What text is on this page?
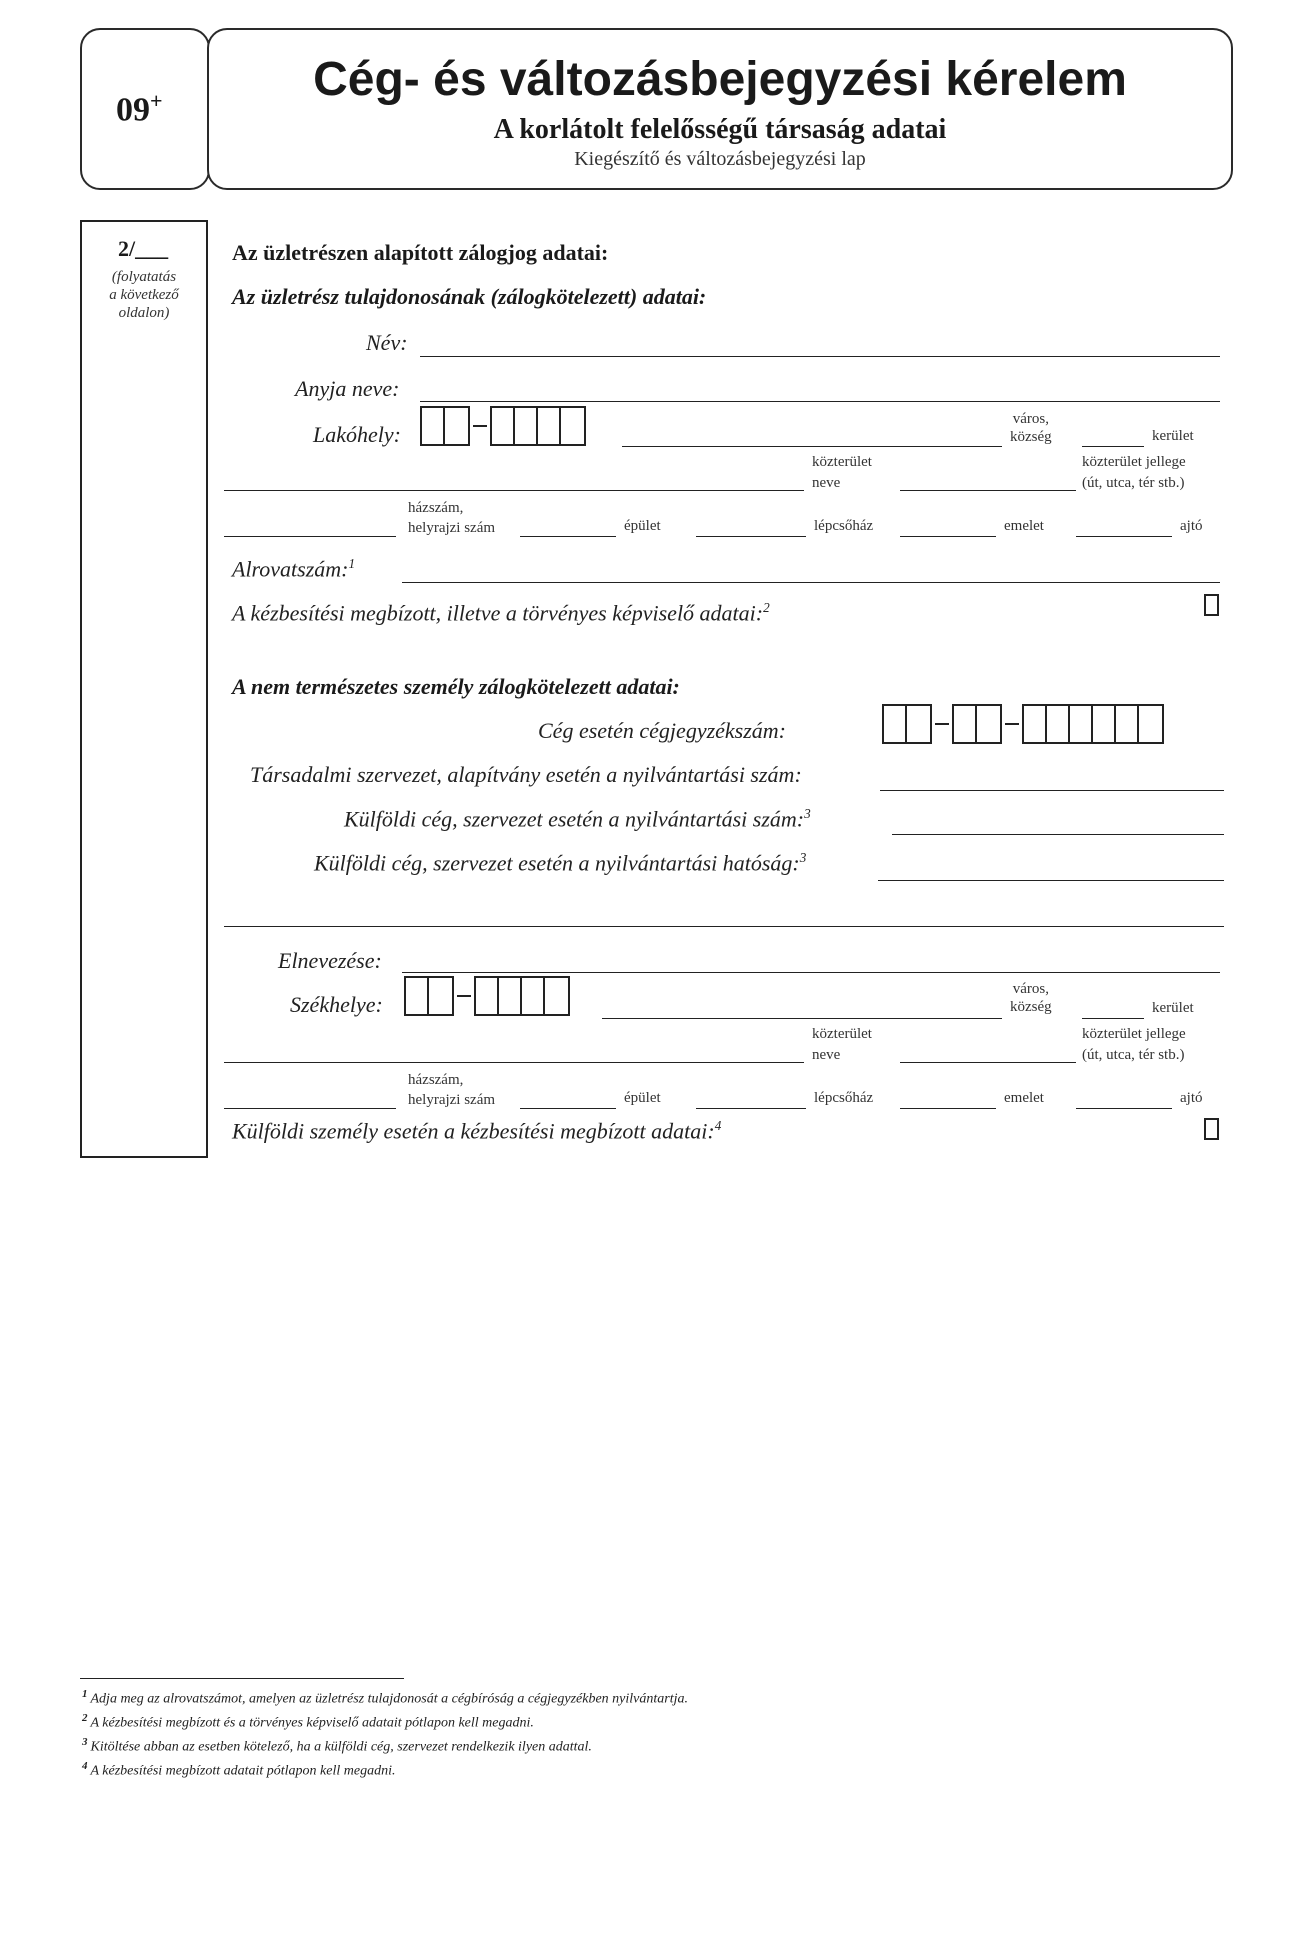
09+	Cég- és változásbejegyzési kérelem
A korlátolt felelősségű társaság adatai
Kiegészítő és változásbejegyzési lap
2/___
(folyatatás
a következő
oldalon)
Az üzletrészen alapított zálogjog adatai:
Az üzletrész tulajdonosának (zálogkötelezett) adatai:
Név:
Anyja neve:
Lakóhely:
város,
község	kerület
közterület
neve
közterület jellege
(út, utca, tér stb.)
házszám,
helyrajzi szám	épület	lépcsőház	emelet	ajtó
Alrovatszám:$^1$
A kézbesítési megbízott, illetve a törvényes képviselő adatai:$^2$
A nem természetes személy zálogkötelezett adatai:
Cég esetén cégjegyzékszám:
Társadalmi szervezet, alapítvány esetén a nyilvántartási szám:
Külföldi cég, szervezet esetén a nyilvántartási szám:$^3$
Külföldi cég, szervezet esetén a nyilvántartási hatóság:$^3$
Elnevezése:
Székhelye:
város,
község	kerület
közterület
neve
közterület jellege
(út, utca, tér stb.)
házszám,
helyrajzi szám	épület	lépcsőház	emelet	ajtó
Külföldi személy esetén a kézbesítési megbízott adatai:$^4$
$^1$ Adja meg az alrovatszámot, amelyen az üzletrész tulajdonosát a cégbíróság a cégjegyzékben nyilvántartja.
$^2$ A kézbesítési megbízott és a törvényes képviselő adatait pótlapon kell megadni.
$^3$ Kitöltése abban az esetben kötelező, ha a külföldi cég, szervezet rendelkezik ilyen adattal.
$^4$ A kézbesítési megbízott adatait pótlapon kell megadni.
